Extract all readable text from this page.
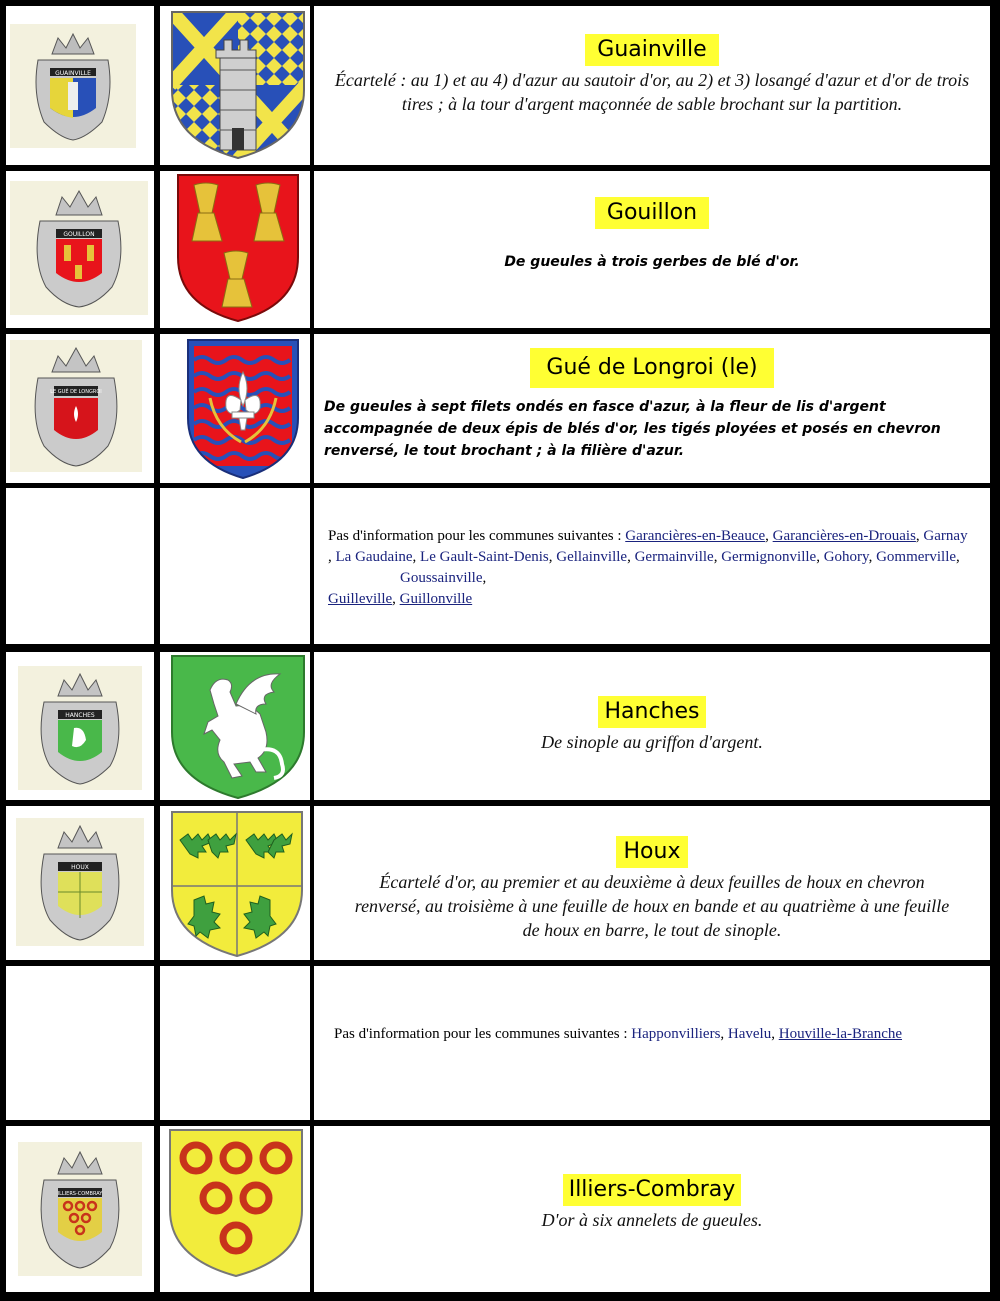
GUAINVILLE
Guainville
Écartelé : au 1) et au 4) d'azur au sautoir d'or, au 2) et 3) losangé d'azur et d'or de trois tires ; à la tour d'argent maçonnée de sable brochant sur la partition.
GOUILLON
Gouillon
De gueules à trois gerbes de blé d'or.
LE GUÉ DE LONGROI
Gué de Longroi (le)
De gueules à sept filets ondés en fasce d'azur, à la fleur de lis d'argent accompagnée de deux épis de blés d'or, les tigés ployées et posés en chevron renversé, le tout brochant ; à la filière d'azur.
Pas d'information pour les communes suivantes : Garancières-en-Beauce, Garancières-en-Drouais, Garnay , La Gaudaine, Le Gault-Saint-Denis, Gellainville, Germainville, Germignonville, Gohory, Gommerville, Goussainville,
Guilleville, Guillonville
HANCHES	Hanches
De sinople au griffon d'argent.
HOUX
Houx
Écartelé d'or, au premier et au deuxième à deux feuilles de houx en chevron renversé, au troisième à une feuille de houx en bande et au quatrième à une feuille de houx en barre, le tout de sinople.
Pas d'information pour les communes suivantes : Happonvilliers, Havelu, Houville-la-Branche
ILLIERS-COMBRAY	Illiers-Combray
D'or à six annelets de gueules.
